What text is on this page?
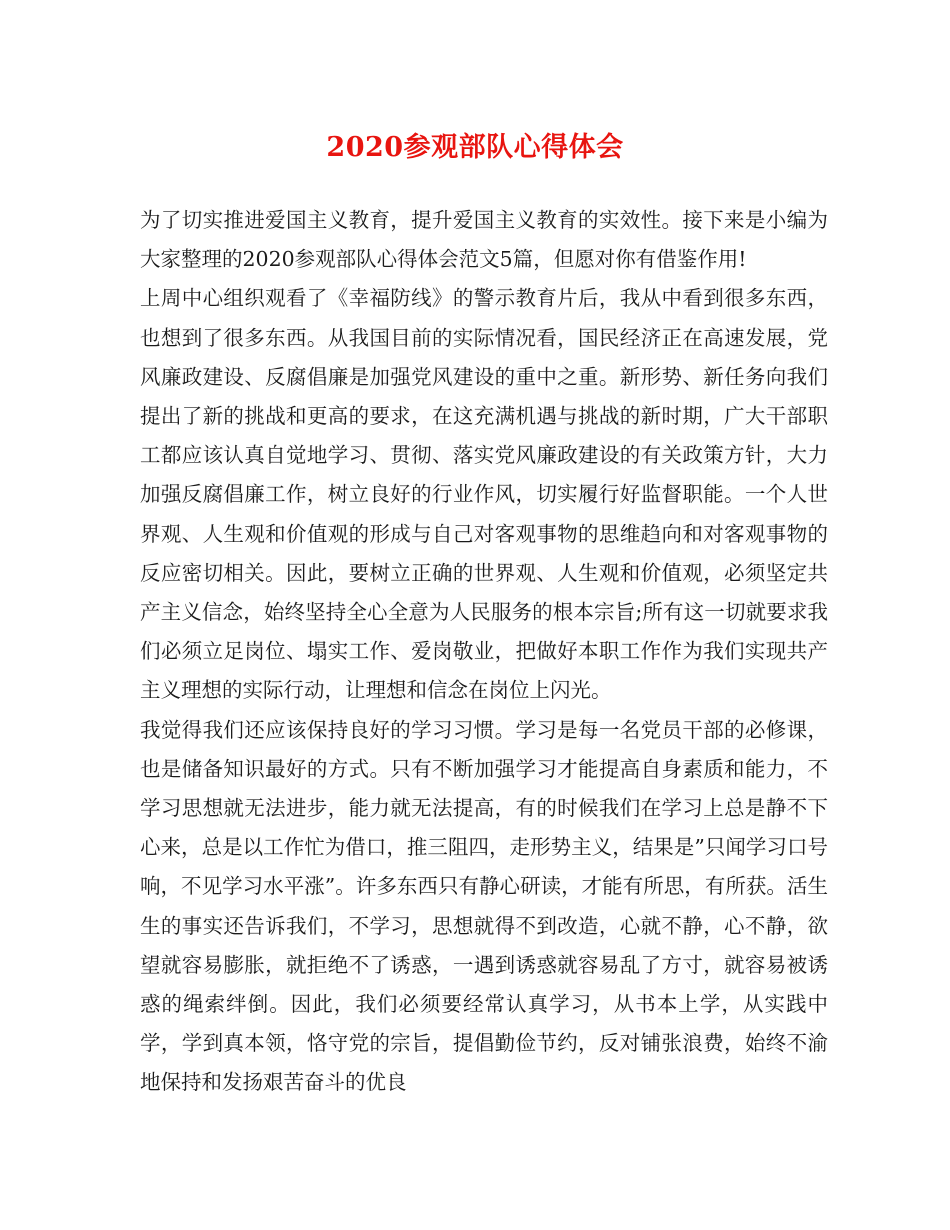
2020参观部队心得体会

为了切实推进爱国主义教育，提升爱国主义教育的实效性。接下来是小编为大家整理的2020参观部队心得体会范文5篇，但愿对你有借鉴作用!

上周中心组织观看了《幸福防线》的警示教育片后，我从中看到很多东西，也想到了很多东西。从我国目前的实际情况看，国民经济正在高速发展，党风廉政建设、反腐倡廉是加强党风建设的重中之重。新形势、新任务向我们提出了新的挑战和更高的要求，在这充满机遇与挑战的新时期，广大干部职工都应该认真自觉地学习、贯彻、落实党风廉政建设的有关政策方针，大力加强反腐倡廉工作，树立良好的行业作风，切实履行好监督职能。一个人世界观、人生观和价值观的形成与自己对客观事物的思维趋向和对客观事物的反应密切相关。因此，要树立正确的世界观、人生观和价值观，必须坚定共产主义信念，始终坚持全心全意为人民服务的根本宗旨;所有这一切就要求我们必须立足岗位、塌实工作、爱岗敬业，把做好本职工作作为我们实现共产主义理想的实际行动，让理想和信念在岗位上闪光。

我觉得我们还应该保持良好的学习习惯。学习是每一名党员干部的必修课，也是储备知识最好的方式。只有不断加强学习才能提高自身素质和能力，不学习思想就无法进步，能力就无法提高，有的时候我们在学习上总是静不下心来，总是以工作忙为借口，推三阻四，走形势主义，结果是”只闻学习口号响，不见学习水平涨”。许多东西只有静心研读，才能有所思，有所获。活生生的事实还告诉我们，不学习，思想就得不到改造，心就不静，心不静，欲望就容易膨胀，就拒绝不了诱惑，一遇到诱惑就容易乱了方寸，就容易被诱惑的绳索绊倒。因此，我们必须要经常认真学习，从书本上学，从实践中学，学到真本领，恪守党的宗旨，提倡勤俭节约，反对铺张浪费，始终不渝地保持和发扬艰苦奋斗的优良
